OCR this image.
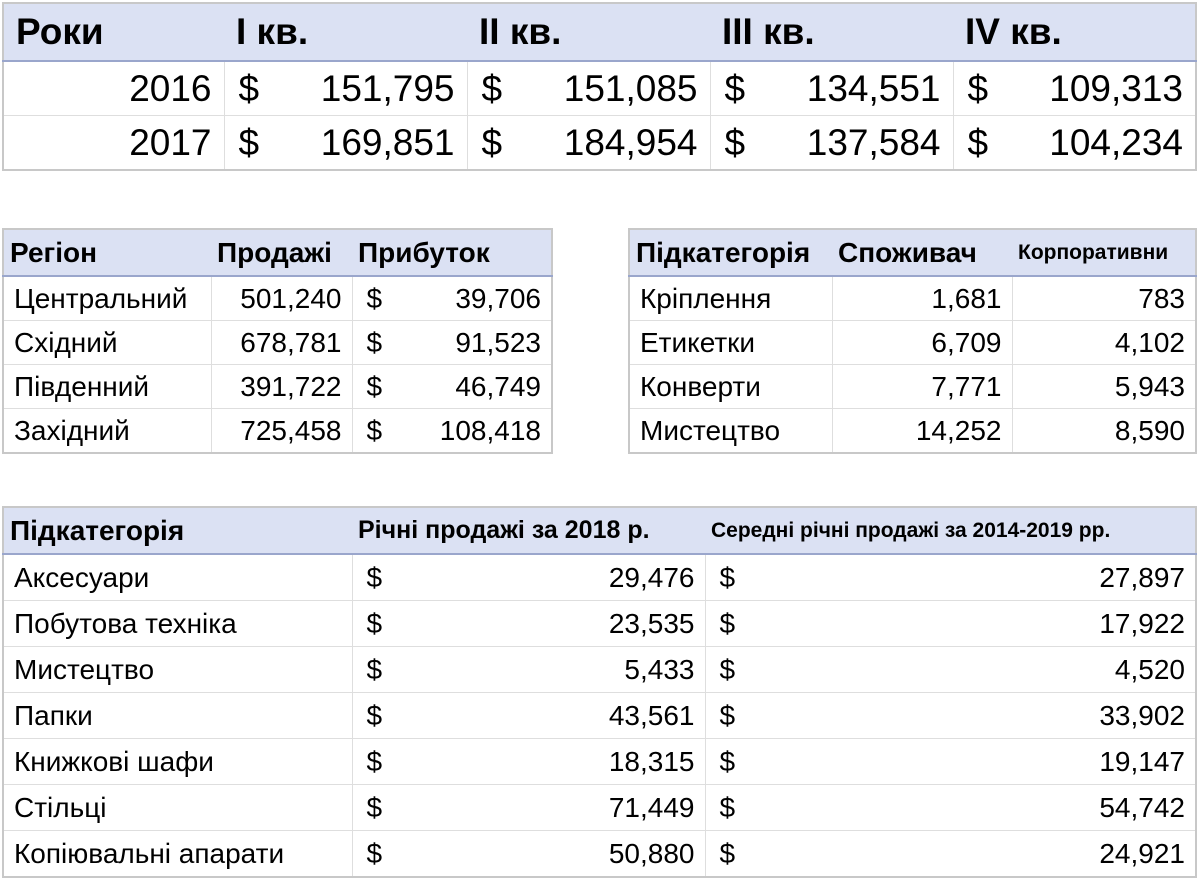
Роки	I кв.	II кв.	III кв.	IV кв.
2016	$ 151,795	$ 151,085	$ 134,551	$ 109,313

2017	$ 169,851	$ 184,954	$ 137,584	$ 104,234
Регіон	Продажі	Прибуток
Центральний	501,240	$ 39,706

Східний	678,781	$ 91,523

Південний	391,722	$ 46,749

Західний	725,458	$ 108,418
Підкатегорія	Споживач	Корпоративни
Кріплення	1,681	783
Етикетки	6,709	4,102
Конверти	7,771	5,943
Мистецтво	14,252	8,590
Підкатегорія	Річні продажі за 2018 р.	Середні річні продажі за 2014-2019 рр.
Аксесуари	$ 29,476	$ 27,897

Побутова техніка	$ 23,535	$ 17,922

Мистецтво	$ 5,433	$ 4,520

Папки	$ 43,561	$ 33,902

Книжкові шафи	$ 18,315	$ 19,147

Стільці	$ 71,449	$ 54,742

Копіювальні апарати	$ 50,880	$ 24,921
